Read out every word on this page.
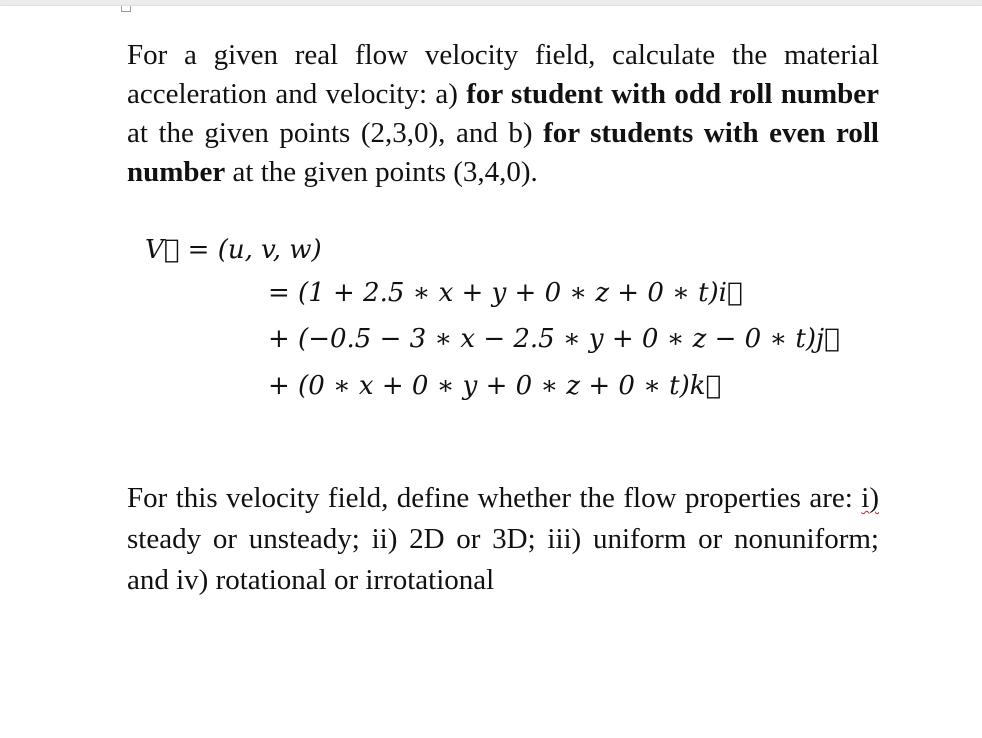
For a given real flow velocity field, calculate the material acceleration and velocity: a) for student with odd roll number at the given points (2,3,0), and b) for students with even roll number at the given points (3,4,0).

V⃗ = (u, v, w)
= (1 + 2.5 ∗ x + y + 0 ∗ z + 0 ∗ t)i⃗
+ (−0.5 − 3 ∗ x − 2.5 ∗ y + 0 ∗ z − 0 ∗ t)j⃗
+ (0 ∗ x + 0 ∗ y + 0 ∗ z + 0 ∗ t)k⃗

For this velocity field, define whether the flow properties are: i) steady or unsteady; ii) 2D or 3D; iii) uniform or nonuniform; and iv) rotational or irrotational
